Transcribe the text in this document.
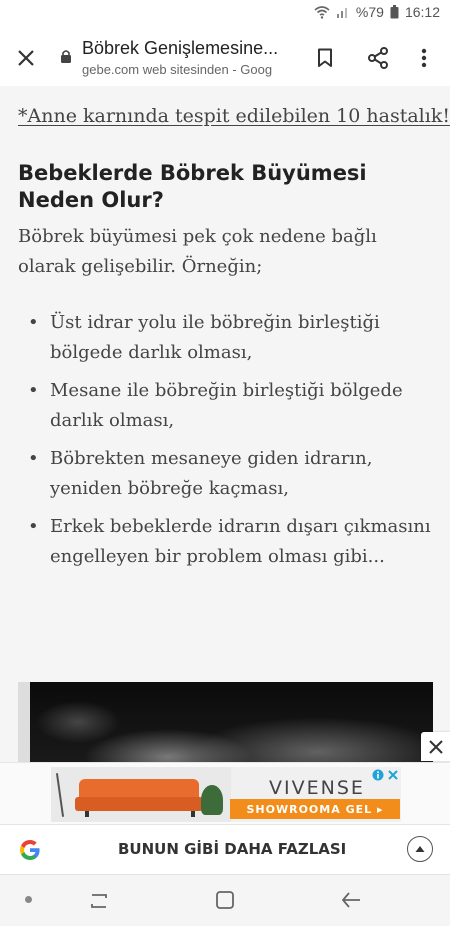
%79 16:12
Böbrek Genişlemesine...
gebe.com web sitesinden - Goog
*Anne karnında tespit edilebilen 10 hastalık!
Bebeklerde Böbrek Büyümesi Neden Olur?

Böbrek büyümesi pek çok nedene bağlı olarak gelişebilir. Örneğin;

• Üst idrar yolu ile böbreğin birleştiği bölgede darlık olması,
• Mesane ile böbreğin birleştiği bölgede darlık olması,
• Böbrekten mesaneye giden idrarın, yeniden böbreğe kaçması,
• Erkek bebeklerde idrarın dışarı çıkmasını engelleyen bir problem olması gibi...
VIVENSE
SHOWROOMA GEL ▸
BUNUN GİBİ DAHA FAZLASI
